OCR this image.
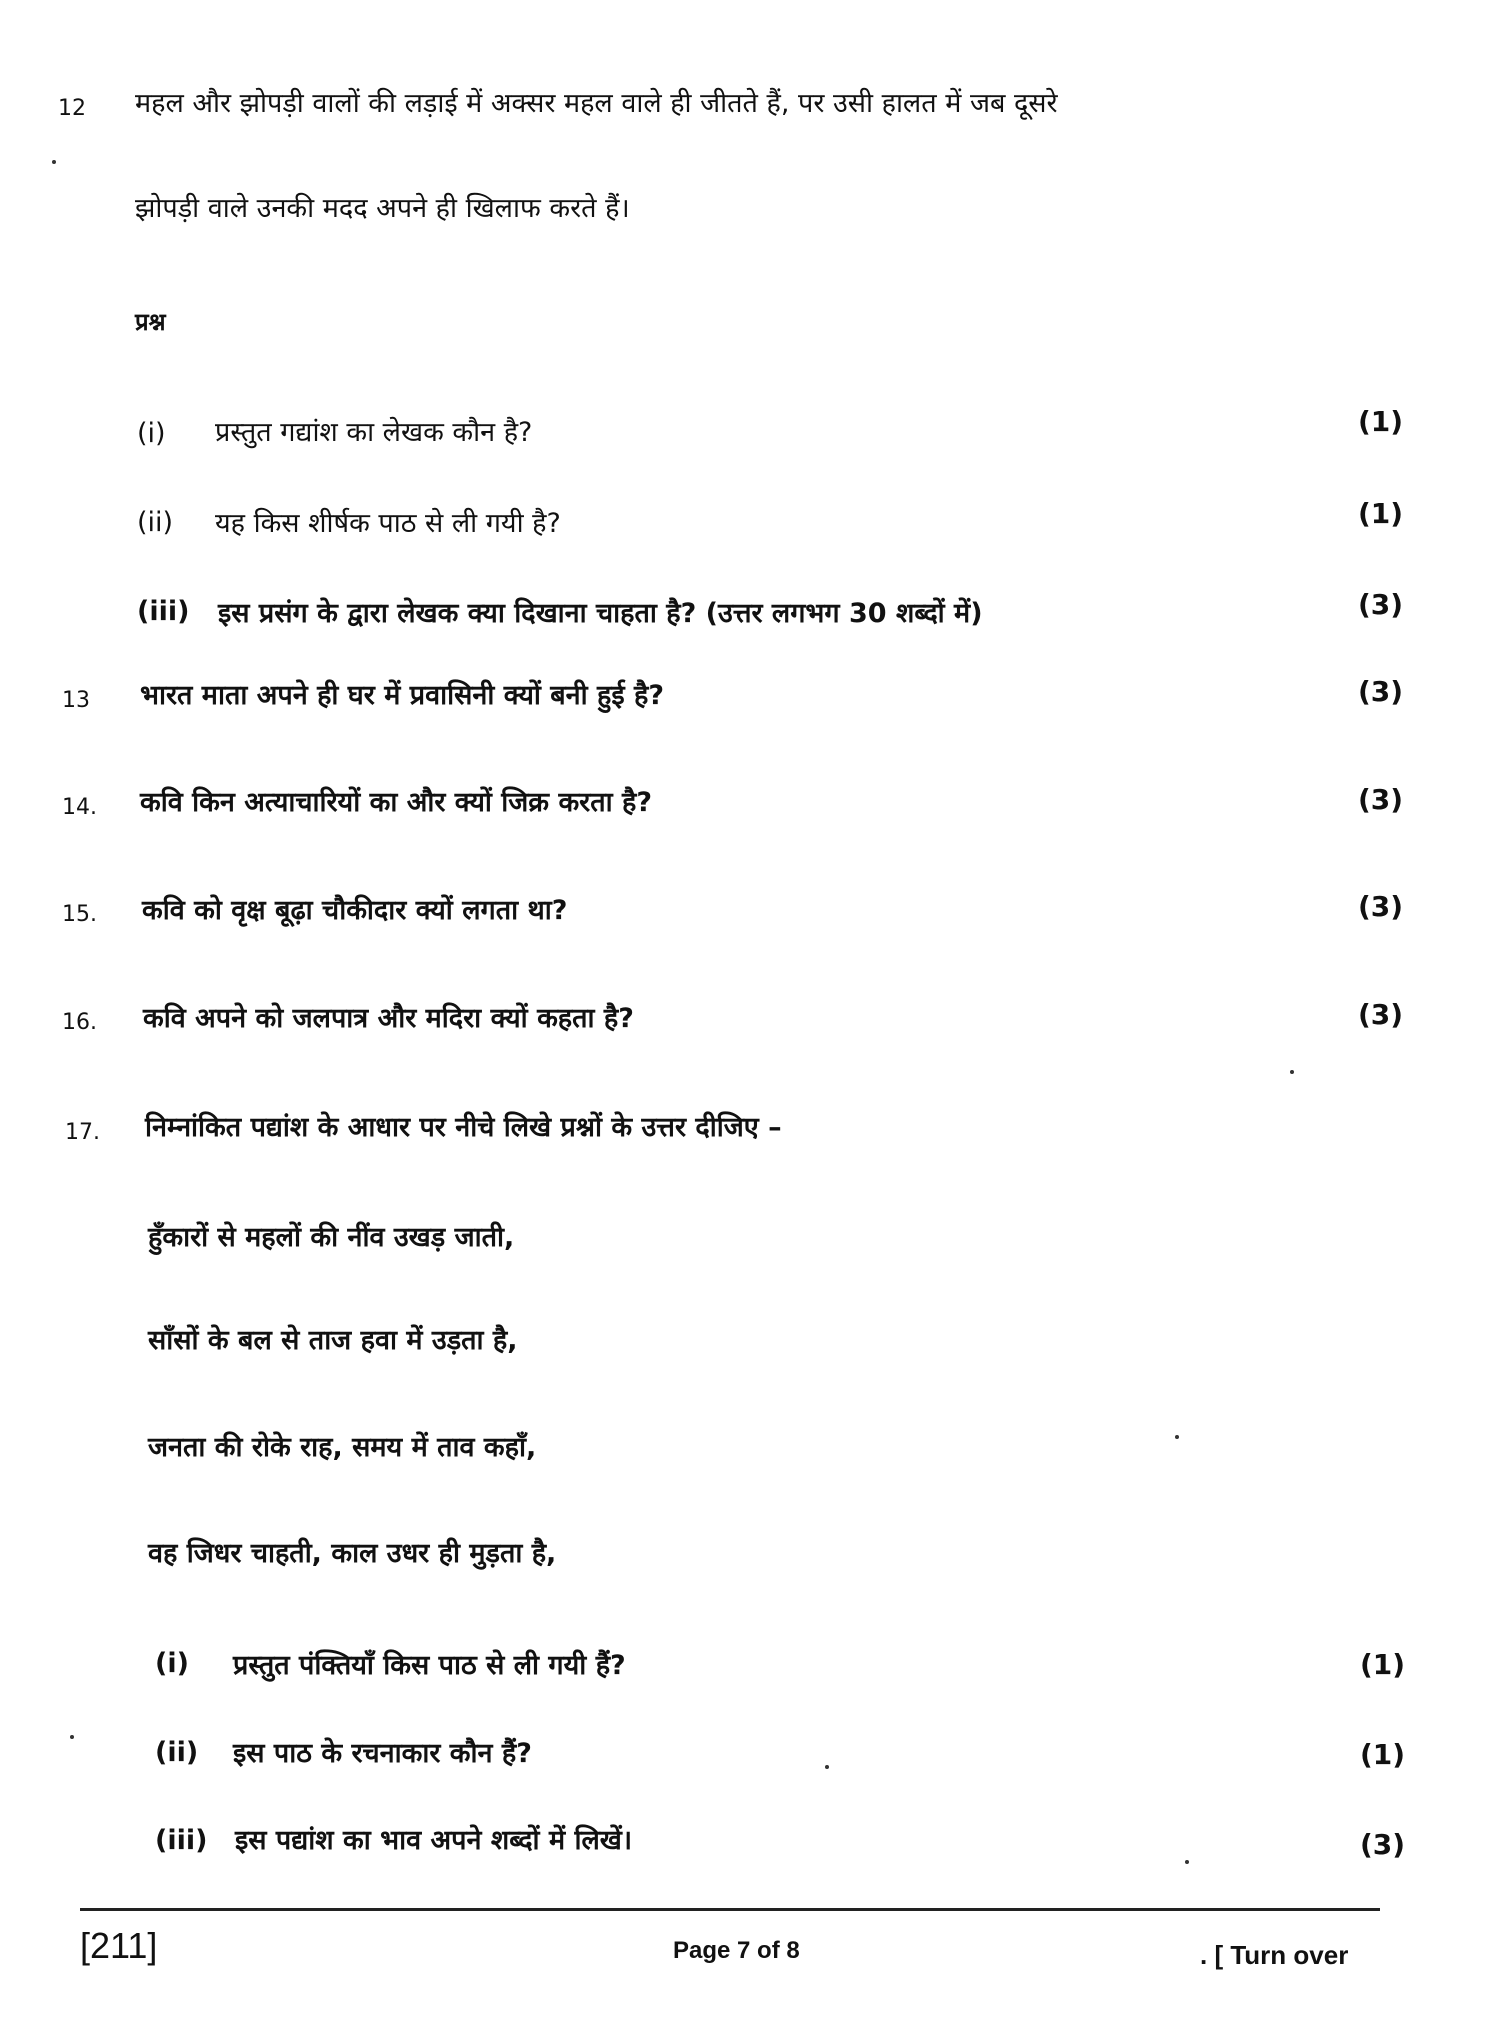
12 महल और झोपड़ी वालों की लड़ाई में अक्सर महल वाले ही जीतते हैं, पर उसी हालत में जब दूसरे
झोपड़ी वाले उनकी मदद अपने ही खिलाफ करते हैं।
प्रश्न
(i) प्रस्तुत गद्यांश का लेखक कौन है?	(1)
(ii) यह किस शीर्षक पाठ से ली गयी है?	(1)
(iii) इस प्रसंग के द्वारा लेखक क्या दिखाना चाहता है? (उत्तर लगभग 30 शब्दों में)	(3)
13 भारत माता अपने ही घर में प्रवासिनी क्यों बनी हुई है?	(3)
14. कवि किन अत्याचारियों का और क्यों जिक्र करता है?	(3)
15. कवि को वृक्ष बूढ़ा चौकीदार क्यों लगता था?	(3)
16. कवि अपने को जलपात्र और मदिरा क्यों कहता है?	(3)
17. निम्नांकित पद्यांश के आधार पर नीचे लिखे प्रश्नों के उत्तर दीजिए –
हुँकारों से महलों की नींव उखड़ जाती,
साँसों के बल से ताज हवा में उड़ता है,
जनता की रोके राह, समय में ताव कहाँ,
वह जिधर चाहती, काल उधर ही मुड़ता है,
(i) प्रस्तुत पंक्तियाँ किस पाठ से ली गयी हैं?	(1)
(ii) इस पाठ के रचनाकार कौन हैं?	(1)
(iii) इस पद्यांश का भाव अपने शब्दों में लिखें।	(3)
[211]	Page 7 of 8	. [ Turn over
